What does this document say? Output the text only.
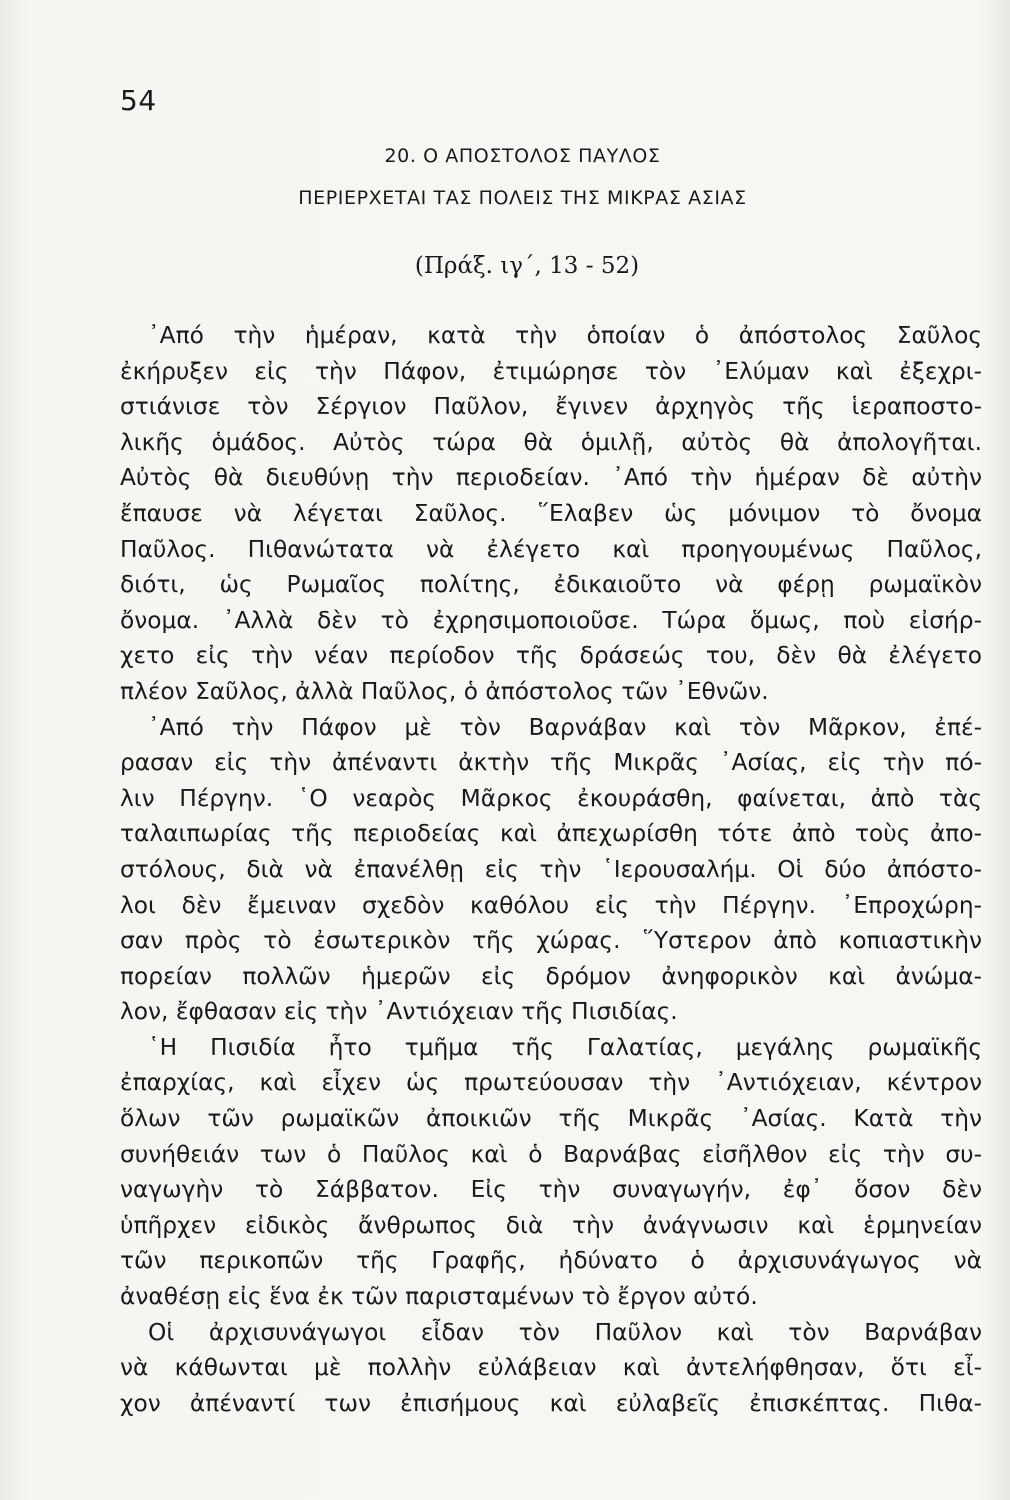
54
20. Ο ΑΠΟΣΤΟΛΟΣ ΠΑΥΛΟΣ
ΠΕΡΙΕΡΧΕΤΑΙ ΤΑΣ ΠΟΛΕΙΣ ΤΗΣ ΜΙΚΡΑΣ ΑΣΙΑΣ
(Πράξ. ιγ΄, 13 - 52)
᾿Από τὴν ἡμέραν, κατὰ τὴν ὁποίαν ὁ ἀπόστολος Σαῦλος
ἐκήρυξεν εἰς τὴν Πάφον, ἐτιμώρησε τὸν ᾿Ελύμαν καὶ ἐξεχρι-
στιάνισε τὸν Σέργιον Παῦλον, ἔγινεν ἀρχηγὸς τῆς ἱεραποστο-
λικῆς ὁμάδος. Αὐτὸς τώρα θὰ ὁμιλῇ, αὐτὸς θὰ ἀπολογῆται.
Αὐτὸς θὰ διευθύνῃ τὴν περιοδείαν. ᾿Από τὴν ἡμέραν δὲ αὐτὴν
ἔπαυσε νὰ λέγεται Σαῦλος. ῞Ελαβεν ὡς μόνιμον τὸ ὄνομα
Παῦλος. Πιθανώτατα νὰ ἐλέγετο καὶ προηγουμένως Παῦλος,
διότι, ὡς Ρωμαῖος πολίτης, ἐδικαιοῦτο νὰ φέρῃ ρωμαϊκὸν
ὄνομα. ᾿Αλλὰ δὲν τὸ ἐχρησιμοποιοῦσε. Τώρα ὅμως, ποὺ εἰσήρ-
χετο εἰς τὴν νέαν περίοδον τῆς δράσεώς του, δὲν θὰ ἐλέγετο
πλέον Σαῦλος, ἀλλὰ Παῦλος, ὁ ἀπόστολος τῶν ᾿Εθνῶν.
᾿Από τὴν Πάφον μὲ τὸν Βαρνάβαν καὶ τὸν Μᾶρκον, ἐπέ-
ρασαν εἰς τὴν ἀπέναντι ἀκτὴν τῆς Μικρᾶς ᾿Ασίας, εἰς τὴν πό-
λιν Πέργην. ῾Ο νεαρὸς Μᾶρκος ἐκουράσθη, φαίνεται, ἀπὸ τὰς
ταλαιπωρίας τῆς περιοδείας καὶ ἀπεχωρίσθη τότε ἀπὸ τοὺς ἀπο-
στόλους, διὰ νὰ ἐπανέλθῃ εἰς τὴν ῾Ιερουσαλήμ. Οἱ δύο ἀπόστο-
λοι δὲν ἔμειναν σχεδὸν καθόλου εἰς τὴν Πέργην. ᾿Επροχώρη-
σαν πρὸς τὸ ἐσωτερικὸν τῆς χώρας. ῞Υστερον ἀπὸ κοπιαστικὴν
πορείαν πολλῶν ἡμερῶν εἰς δρόμον ἀνηφορικὸν καὶ ἀνώμα-
λον, ἔφθασαν εἰς τὴν ᾿Αντιόχειαν τῆς Πισιδίας.
῾Η Πισιδία ἦτο τμῆμα τῆς Γαλατίας, μεγάλης ρωμαϊκῆς
ἐπαρχίας, καὶ εἶχεν ὡς πρωτεύουσαν τὴν ᾿Αντιόχειαν, κέντρον
ὅλων τῶν ρωμαϊκῶν ἀποικιῶν τῆς Μικρᾶς ᾿Ασίας. Κατὰ τὴν
συνήθειάν των ὁ Παῦλος καὶ ὁ Βαρνάβας εἰσῆλθον εἰς τὴν συ-
ναγωγὴν τὸ Σάββατον. Εἰς τὴν συναγωγήν, ἐφ᾿ ὅσον δὲν
ὑπῆρχεν εἰδικὸς ἄνθρωπος διὰ τὴν ἀνάγνωσιν καὶ ἑρμηνείαν
τῶν περικοπῶν τῆς Γραφῆς, ἠδύνατο ὁ ἀρχισυνάγωγος νὰ
ἀναθέσῃ εἰς ἕνα ἐκ τῶν παρισταμένων τὸ ἔργον αὐτό.
Οἱ ἀρχισυνάγωγοι εἶδαν τὸν Παῦλον καὶ τὸν Βαρνάβαν
νὰ κάθωνται μὲ πολλὴν εὐλάβειαν καὶ ἀντελήφθησαν, ὅτι εἶ-
χον ἀπέναντί των ἐπισήμους καὶ εὐλαβεῖς ἐπισκέπτας. Πιθα-
